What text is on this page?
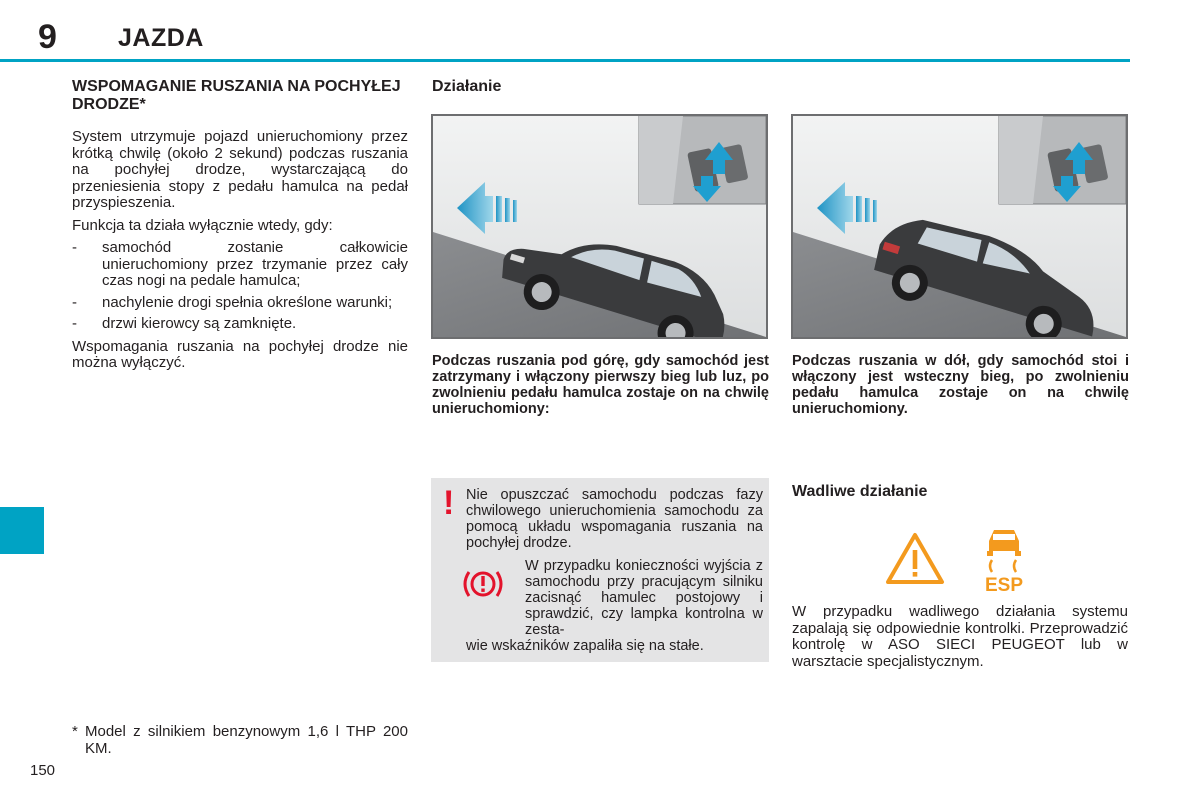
9 JAZDA
150
WSPOMAGANIE RUSZANIA NA POCHYŁEJ DRODZE*

System utrzymuje pojazd unieruchomiony przez krótką chwilę (około 2 sekund) podczas ruszania na pochyłej drodze, wystarczającą do przeniesienia stopy z pedału hamulca na pedał przyspieszenia.

Funkcja ta działa wyłącznie wtedy, gdy:

- samochód zostanie całkowicie unieruchomiony przez trzymanie przez cały czas nogi na pedale hamulca;
- nachylenie drogi spełnia określone warunki;
- drzwi kierowcy są zamknięte.

Wspomagania ruszania na pochyłej drodze nie można wyłączyć.

* Model z silnikiem benzynowym 1,6 l THP 200 KM.
Działanie
Podczas ruszania pod górę, gdy samochód jest zatrzymany i włączony pierwszy bieg lub luz, po zwolnieniu pedału hamulca zostaje on na chwilę unieruchomiony:
Podczas ruszania w dół, gdy samochód stoi i włączony jest wsteczny bieg, po zwolnieniu pedału hamulca zostaje on na chwilę unieruchomiony.
! Nie opuszczać samochodu podczas fazy chwilowego unieruchomienia samochodu za pomocą układu wspomagania ruszania na pochyłej drodze.
W przypadku konieczności wyjścia z samochodu przy pracującym silniku zacisnąć hamulec postojowy i sprawdzić, czy lampka kontrolna w zesta-
wie wskaźników zapaliła się na stałe.
Wadliwe działanie
ESP
W przypadku wadliwego działania systemu zapalają się odpowiednie kontrolki. Przeprowadzić kontrolę w ASO SIECI PEUGEOT lub w warsztacie specjalistycznym.
